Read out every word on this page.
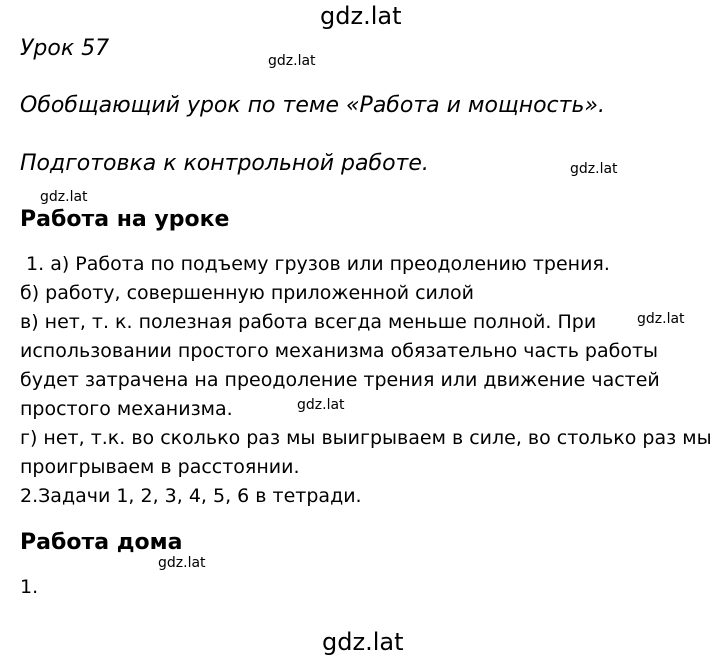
gdz.lat
gdz.lat
gdz.lat
gdz.lat
gdz.lat
gdz.lat
gdz.lat
gdz.lat
Урок 57
Обобщающий урок по теме «Работа и мощность».
Подготовка к контрольной работе.
Работа на уроке
1. а) Работа по подъему грузов или преодолению трения.
б) работу, совершенную приложенной силой
в) нет, т. к. полезная работа всегда меньше полной. При
использовании простого механизма обязательно часть работы
будет затрачена на преодоление трения или движение частей
простого механизма.
г) нет, т.к. во сколько раз мы выигрываем в силе, во столько раз мы
проигрываем в расстоянии.
2.Задачи 1, 2, 3, 4, 5, 6 в тетради.
Работа дома
1.
